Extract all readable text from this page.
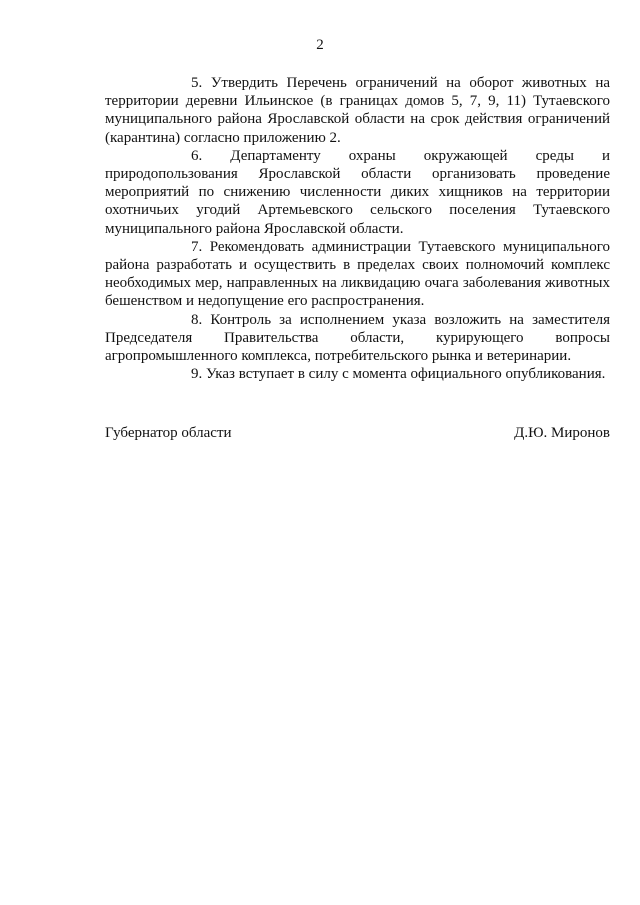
2

5. Утвердить Перечень ограничений на оборот животных на территории деревни Ильинское (в границах домов 5, 7, 9, 11) Тутаевского муниципального района Ярославской области на срок действия ограничений (карантина) согласно приложению 2.

6. Департаменту охраны окружающей среды и природопользования Ярославской области организовать проведение мероприятий по снижению численности диких хищников на территории охотничьих угодий Артемьевского сельского поселения Тутаевского муниципального района Ярославской области.

7. Рекомендовать администрации Тутаевского муниципального района разработать и осуществить в пределах своих полномочий комплекс необходимых мер, направленных на ликвидацию очага заболевания животных бешенством и недопущение его распространения.

8. Контроль за исполнением указа возложить на заместителя Председателя Правительства области, курирующего вопросы агропромышленного комплекса, потребительского рынка и ветеринарии.

9. Указ вступает в силу с момента официального опубликования.

Губернатор области	Д.Ю. Миронов
